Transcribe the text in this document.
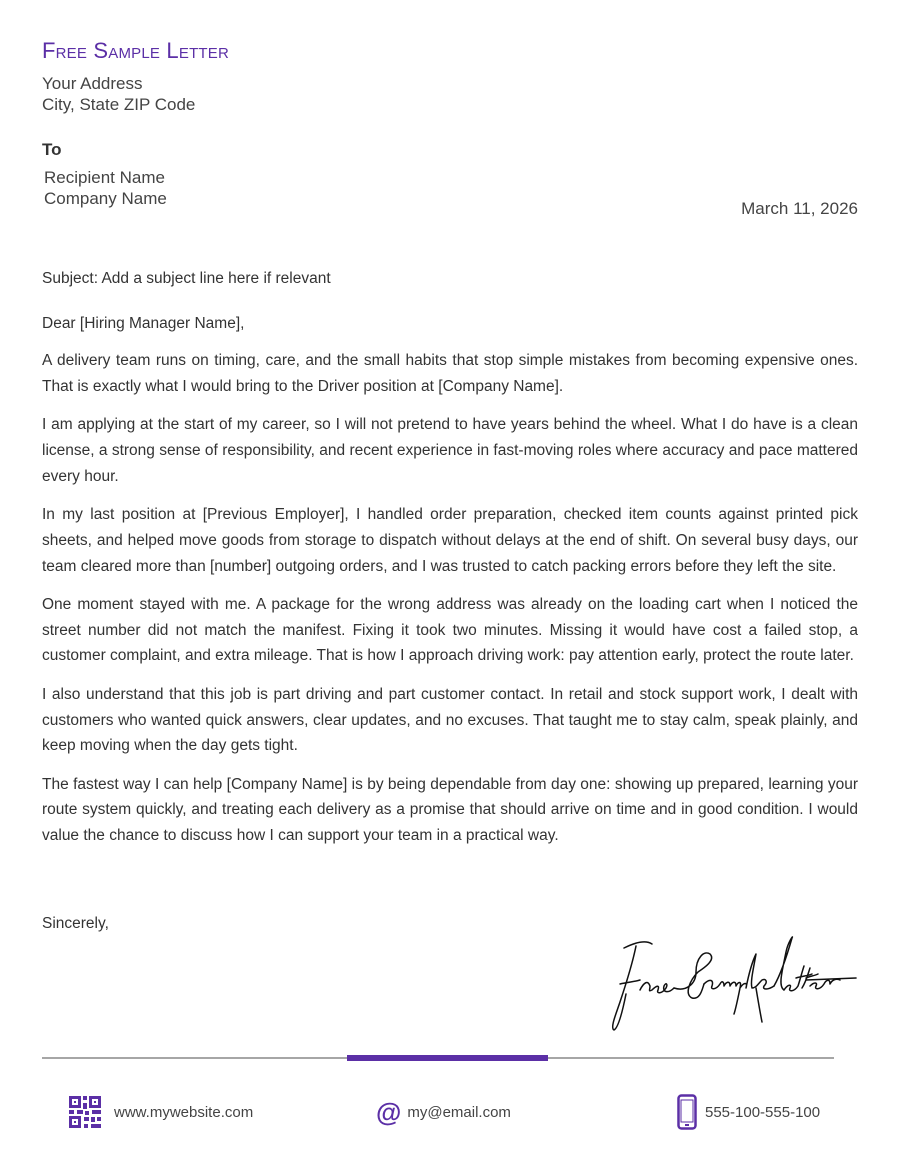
Free Sample Letter
Your Address
City, State ZIP Code
To
Recipient Name
Company Name
March 11, 2026
Subject: Add a subject line here if relevant
Dear [Hiring Manager Name],

A delivery team runs on timing, care, and the small habits that stop simple mistakes from becoming expensive ones. That is exactly what I would bring to the Driver position at [Company Name].

I am applying at the start of my career, so I will not pretend to have years behind the wheel. What I do have is a clean license, a strong sense of responsibility, and recent experience in fast-moving roles where accuracy and pace mattered every hour.

In my last position at [Previous Employer], I handled order preparation, checked item counts against printed pick sheets, and helped move goods from storage to dispatch without delays at the end of shift. On several busy days, our team cleared more than [number] outgoing orders, and I was trusted to catch packing errors before they left the site.

One moment stayed with me. A package for the wrong address was already on the loading cart when I noticed the street number did not match the manifest. Fixing it took two minutes. Missing it would have cost a failed stop, a customer complaint, and extra mileage. That is how I approach driving work: pay attention early, protect the route later.

I also understand that this job is part driving and part customer contact. In retail and stock support work, I dealt with customers who wanted quick answers, clear updates, and no excuses. That taught me to stay calm, speak plainly, and keep moving when the day gets tight.

The fastest way I can help [Company Name] is by being dependable from day one: showing up prepared, learning your route system quickly, and treating each delivery as a promise that should arrive on time and in good condition. I would value the chance to discuss how I can support your team in a practical way.

Sincerely,
www.mywebsite.com	@ my@email.com	555-100-555-100
